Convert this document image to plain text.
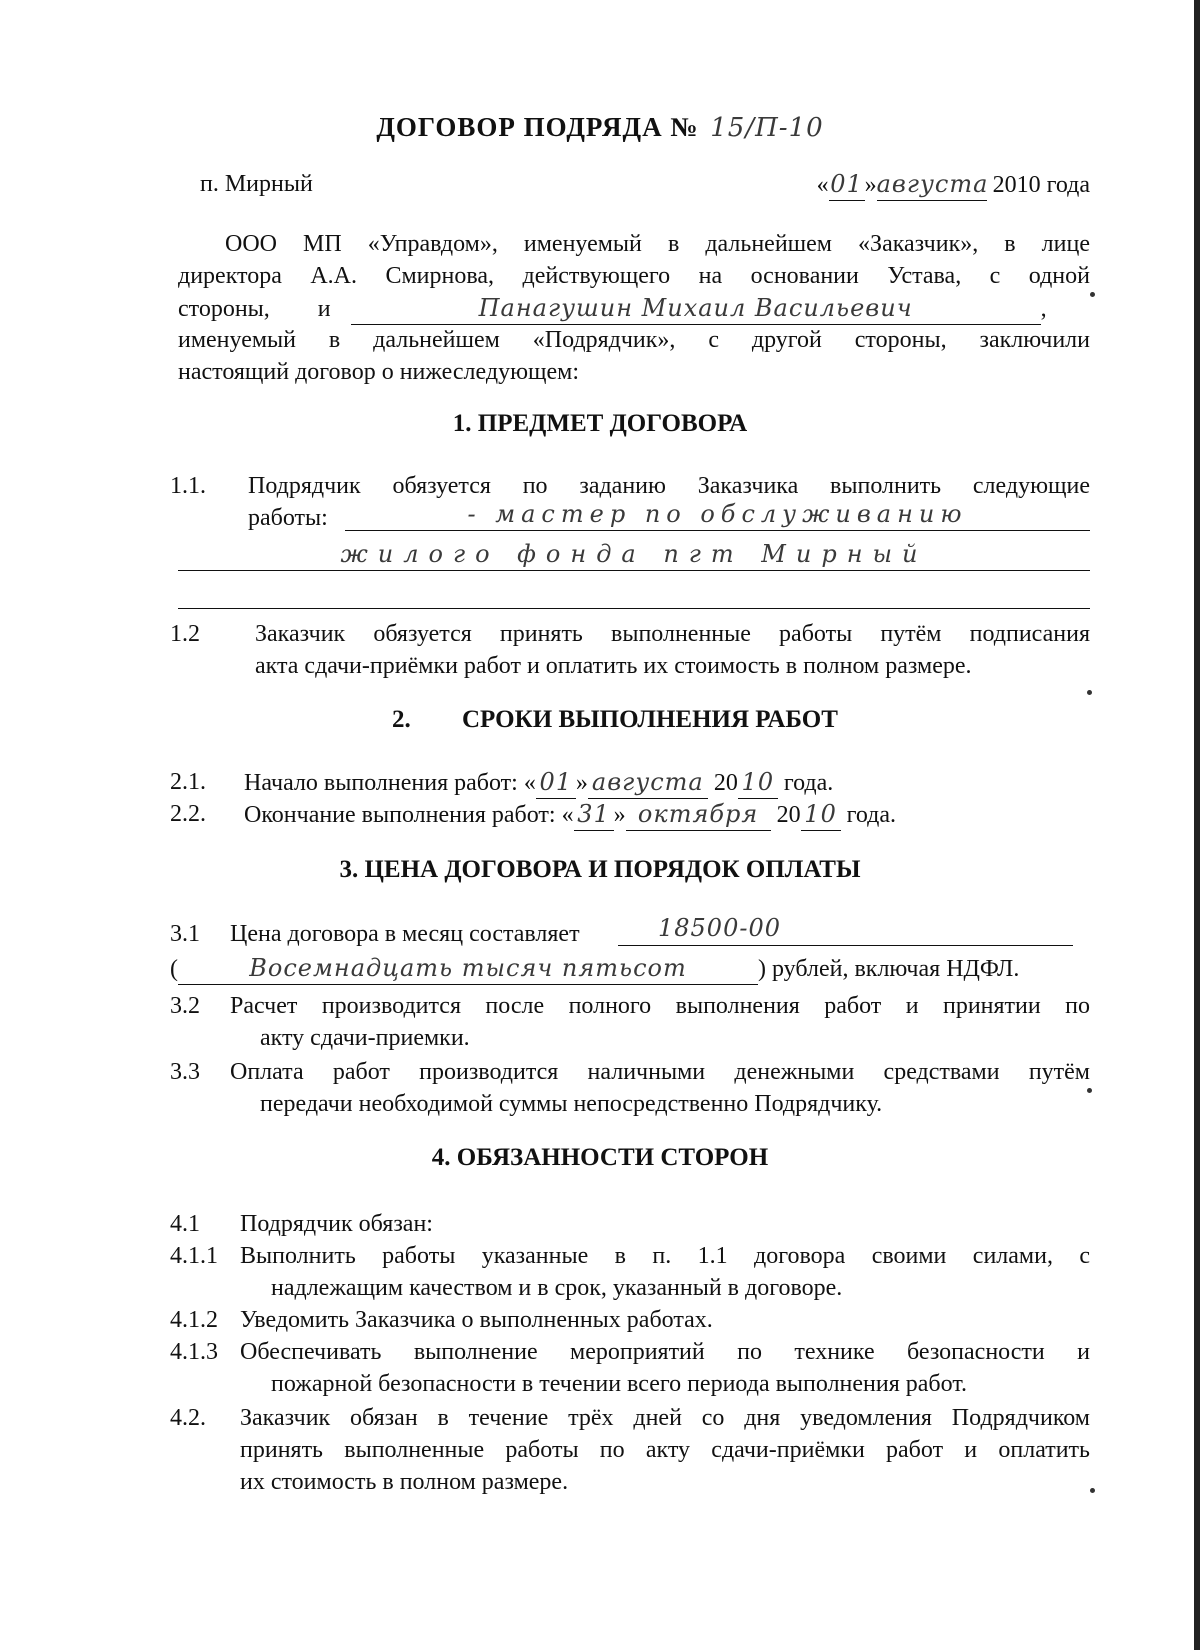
ДОГОВОР ПОДРЯДА № 15/П-10
п. Мирный	«01»августа 2010 года
ООО МП «Управдом», именуемый в дальнейшем «Заказчик», в лице
директора А.А. Смирнова, действующего на основании Устава, с одной
стороны, и	Панагушин Михаил Васильевич	,
именуемый в дальнейшем «Подрядчик», с другой стороны, заключили
настоящий договор о нижеследующем:
1. ПРЕДМЕТ ДОГОВОРА
1.1. Подрядчик обязуется по заданию Заказчика выполнить следующие
работы:	- мастер по обслуживанию
жилого фонда пгт Мирный
1.2 Заказчик обязуется принять выполненные работы путём подписания
акта сдачи-приёмки работ и оплатить их стоимость в полном размере.
2. СРОКИ ВЫПОЛНЕНИЯ РАБОТ
2.1. Начало выполнения работ: « 01 » августа 20 10 года.
2.2. Окончание выполнения работ: « 31 » октября 20 10 года.
3. ЦЕНА ДОГОВОРА И ПОРЯДОК ОПЛАТЫ
3.1 Цена договора в месяц составляет	18500-00
(	Восемнадцать тысяч пятьсот	) рублей, включая НДФЛ.
3.2 Расчет производится после полного выполнения работ и принятии по
акту сдачи-приемки.
3.3 Оплата работ производится наличными денежными средствами путём
передачи необходимой суммы непосредственно Подрядчику.
4. ОБЯЗАННОСТИ СТОРОН
4.1 Подрядчик обязан:
4.1.1 Выполнить работы указанные в п. 1.1 договора своими силами, с
надлежащим качеством и в срок, указанный в договоре.
4.1.2 Уведомить Заказчика о выполненных работах.
4.1.3 Обеспечивать выполнение мероприятий по технике безопасности и
пожарной безопасности в течении всего периода выполнения работ.
4.2. Заказчик обязан в течение трёх дней со дня уведомления Подрядчиком
принять выполненные работы по акту сдачи-приёмки работ и оплатить
их стоимость в полном размере.
